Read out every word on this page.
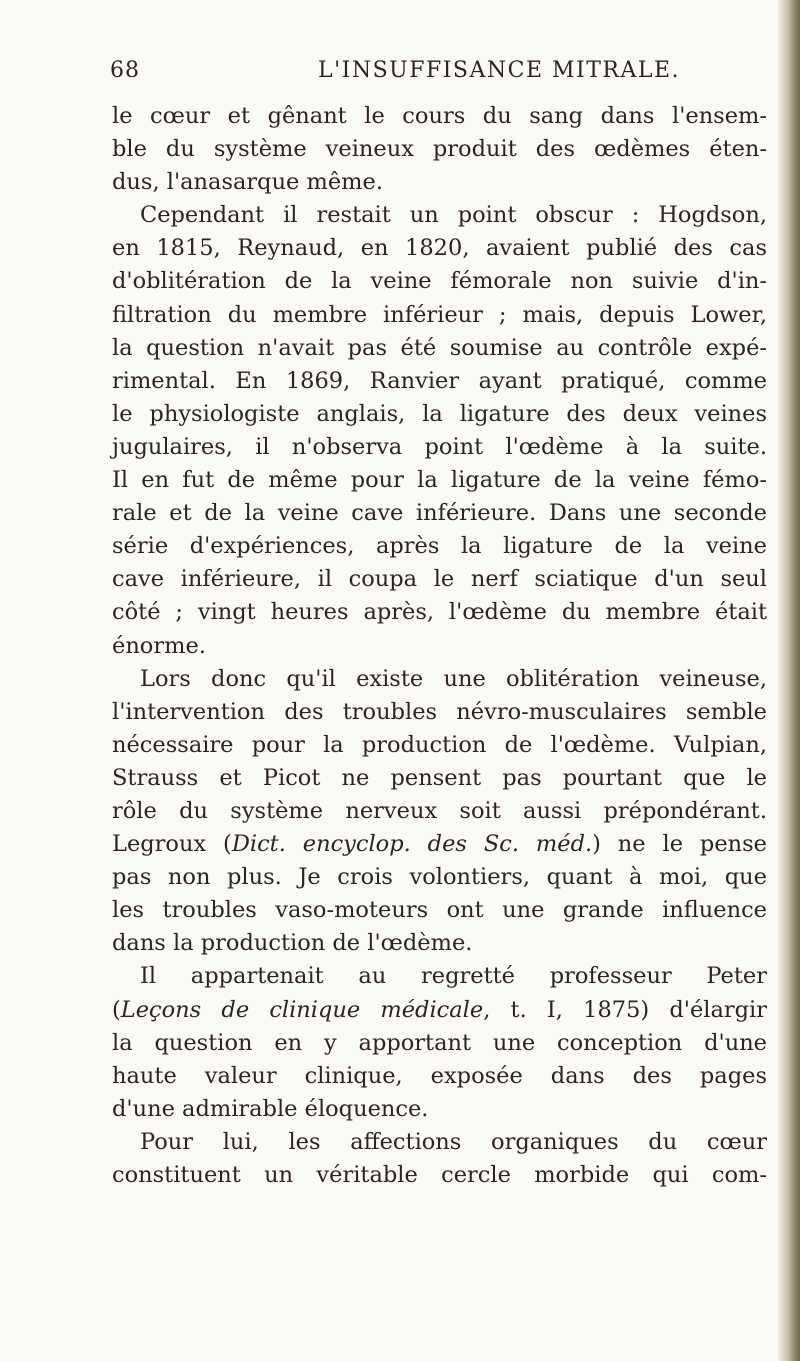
68	L'INSUFFISANCE MITRALE.
le cœur et gênant le cours du sang dans l'ensem-
ble du système veineux produit des œdèmes éten-
dus, l'anasarque même.
Cependant il restait un point obscur : Hogdson,
en 1815, Reynaud, en 1820, avaient publié des cas
d'oblitération de la veine fémorale non suivie d'in-
filtration du membre inférieur ; mais, depuis Lower,
la question n'avait pas été soumise au contrôle expé-
rimental. En 1869, Ranvier ayant pratiqué, comme
le physiologiste anglais, la ligature des deux veines
jugulaires, il n'observa point l'œdème à la suite.
Il en fut de même pour la ligature de la veine fémo-
rale et de la veine cave inférieure. Dans une seconde
série d'expériences, après la ligature de la veine
cave inférieure, il coupa le nerf sciatique d'un seul
côté ; vingt heures après, l'œdème du membre était
énorme.
Lors donc qu'il existe une oblitération veineuse,
l'intervention des troubles névro-musculaires semble
nécessaire pour la production de l'œdème. Vulpian,
Strauss et Picot ne pensent pas pourtant que le
rôle du système nerveux soit aussi prépondérant.
Legroux (Dict. encyclop. des Sc. méd.) ne le pense
pas non plus. Je crois volontiers, quant à moi, que
les troubles vaso-moteurs ont une grande influence
dans la production de l'œdème.
Il appartenait au regretté professeur Peter
(Leçons de clinique médicale, t. I, 1875) d'élargir
la question en y apportant une conception d'une
haute valeur clinique, exposée dans des pages
d'une admirable éloquence.
Pour lui, les affections organiques du cœur
constituent un véritable cercle morbide qui com-
